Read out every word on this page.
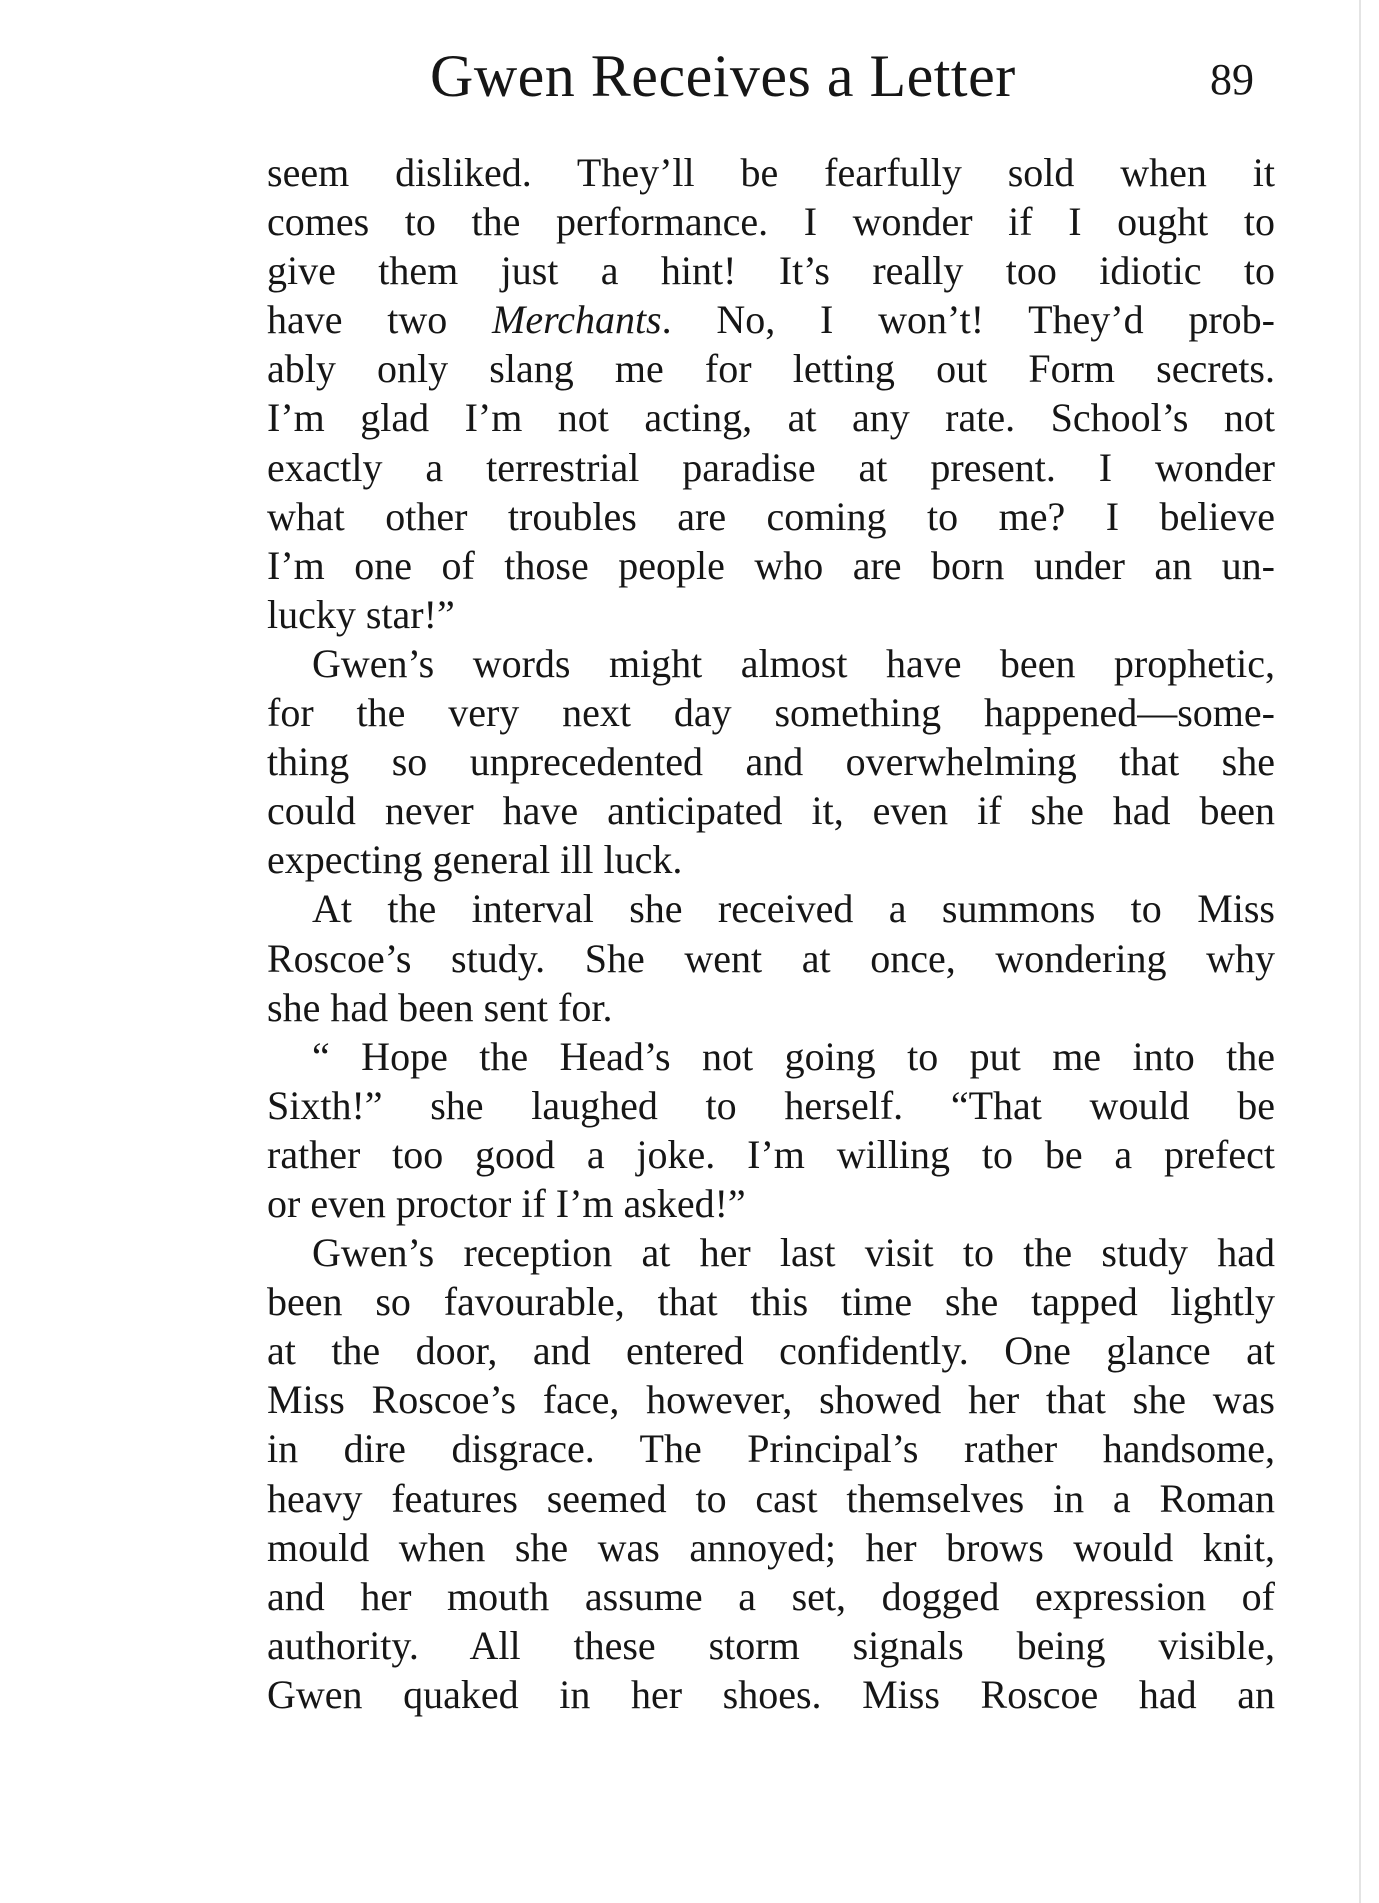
Gwen Receives a Letter	89
seem disliked. They’ll be fearfully sold when it
comes to the performance. I wonder if I ought to
give them just a hint! It’s really too idiotic to
have two Merchants. No, I won’t! They’d prob-
ably only slang me for letting out Form secrets.
I’m glad I’m not acting, at any rate. School’s not
exactly a terrestrial paradise at present. I wonder
what other troubles are coming to me? I believe
I’m one of those people who are born under an un-
lucky star!”
Gwen’s words might almost have been prophetic,
for the very next day something happened—some-
thing so unprecedented and overwhelming that she
could never have anticipated it, even if she had been
expecting general ill luck.
At the interval she received a summons to Miss
Roscoe’s study. She went at once, wondering why
she had been sent for.
“ Hope the Head’s not going to put me into the
Sixth!” she laughed to herself. “That would be
rather too good a joke. I’m willing to be a prefect
or even proctor if I’m asked!”
Gwen’s reception at her last visit to the study had
been so favourable, that this time she tapped lightly
at the door, and entered confidently. One glance at
Miss Roscoe’s face, however, showed her that she was
in dire disgrace. The Principal’s rather handsome,
heavy features seemed to cast themselves in a Roman
mould when she was annoyed; her brows would knit,
and her mouth assume a set, dogged expression of
authority. All these storm signals being visible,
Gwen quaked in her shoes. Miss Roscoe had an
